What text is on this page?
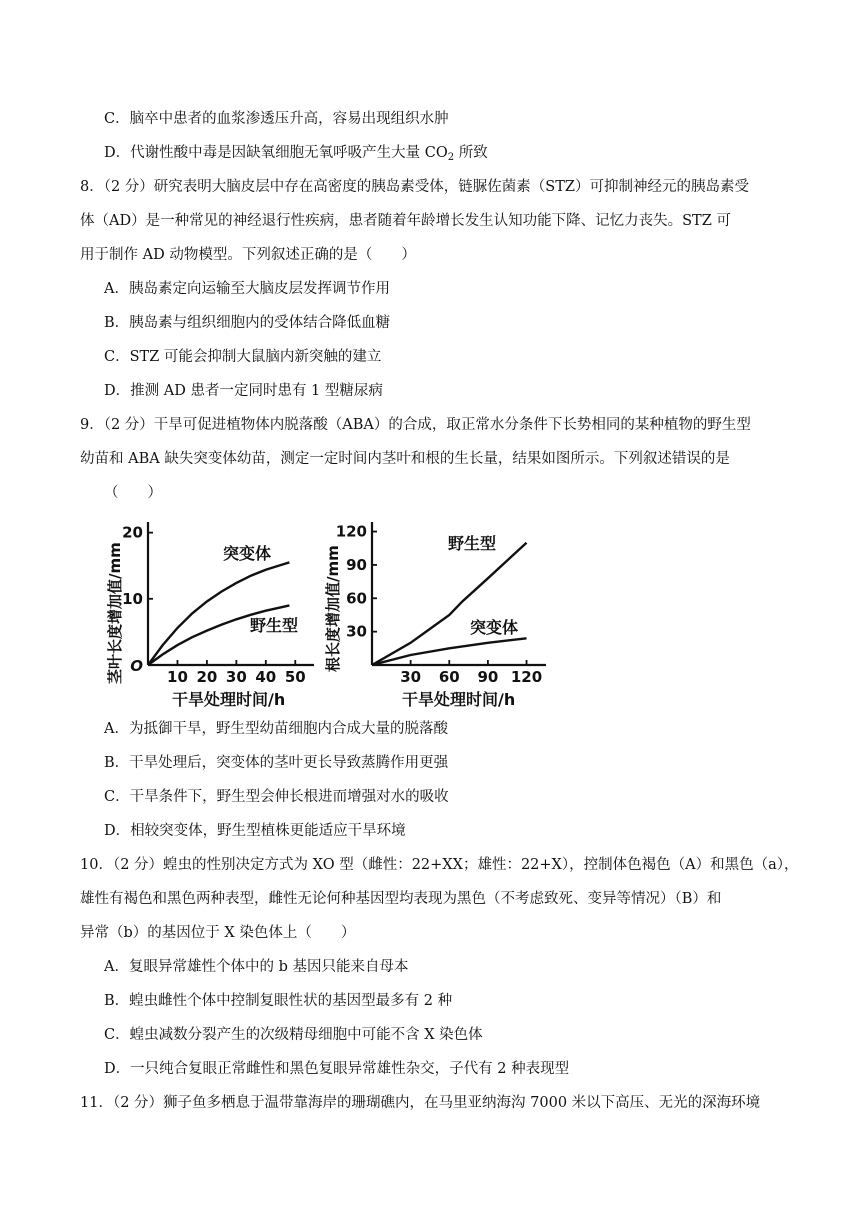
C．脑卒中患者的血浆渗透压升高，容易出现组织水肿
D．代谢性酸中毒是因缺氧细胞无氧呼吸产生大量 $CO_2$ 所致
8．（2 分）研究表明大脑皮层中存在高密度的胰岛素受体，链脲佐菌素（STZ）可抑制神经元的胰岛素受
体（AD）是一种常见的神经退行性疾病，患者随着年龄增长发生认知功能下降、记忆力丧失。STZ 可
用于制作 AD 动物模型。下列叙述正确的是（　　）
A．胰岛素定向运输至大脑皮层发挥调节作用
B．胰岛素与组织细胞内的受体结合降低血糖
C．STZ 可能会抑制大鼠脑内新突触的建立
D．推测 AD 患者一定同时患有 1 型糖尿病
9．（2 分）干旱可促进植物体内脱落酸（ABA）的合成，取正常水分条件下长势相同的某种植物的野生型
幼苗和 ABA 缺失突变体幼苗，测定一定时间内茎叶和根的生长量，结果如图所示。下列叙述错误的是
（　　）
10 20 30 40 50
10
20
O
突变体
野生型
茎叶长度增加值/mm
干旱处理时间/h
30 60 90 120
30
60
90
120
野生型
突变体
根长度增加值/mm
干旱处理时间/h
A．为抵御干旱，野生型幼苗细胞内合成大量的脱落酸
B．干旱处理后，突变体的茎叶更长导致蒸腾作用更强
C．干旱条件下，野生型会伸长根进而增强对水的吸收
D．相较突变体，野生型植株更能适应干旱环境
10．（2 分）蝗虫的性别决定方式为 XO 型（雌性：22+XX；雄性：22+X），控制体色褐色（A）和黑色（a），
雄性有褐色和黑色两种表型，雌性无论何种基因型均表现为黑色（不考虑致死、变异等情况）（B）和
异常（b）的基因位于 X 染色体上（　　）
A．复眼异常雄性个体中的 b 基因只能来自母本
B．蝗虫雌性个体中控制复眼性状的基因型最多有 2 种
C．蝗虫减数分裂产生的次级精母细胞中可能不含 X 染色体
D．一只纯合复眼正常雌性和黑色复眼异常雄性杂交，子代有 2 种表现型
11．（2 分）狮子鱼多栖息于温带靠海岸的珊瑚礁内，在马里亚纳海沟 7000 米以下高压、无光的深海环境
